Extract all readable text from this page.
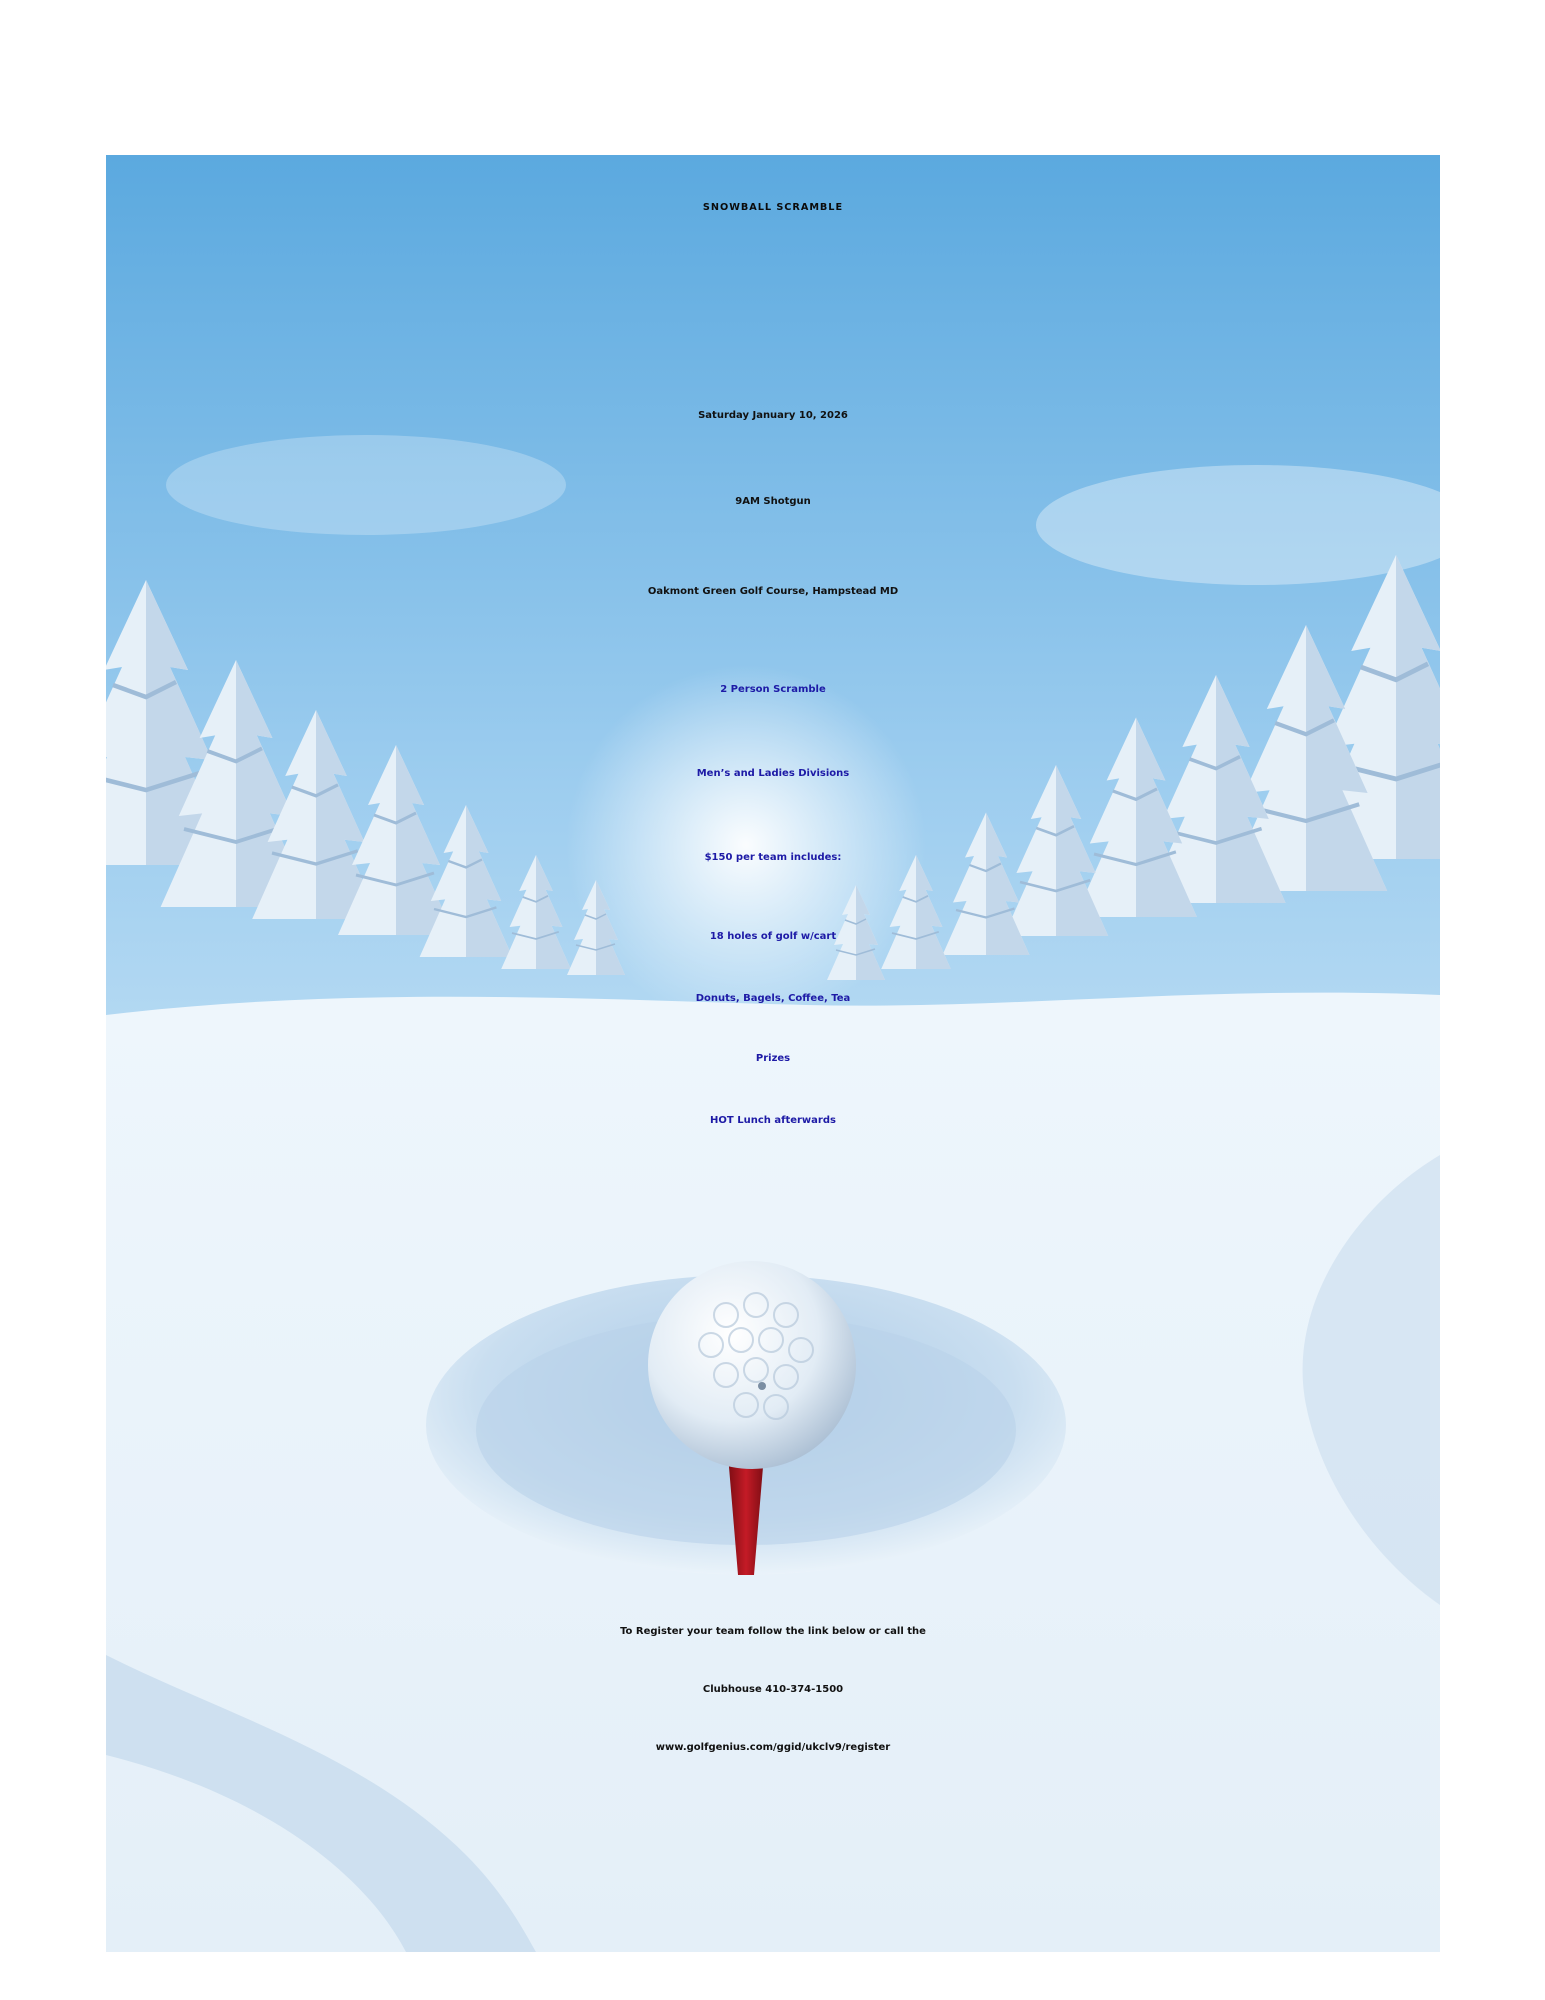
SNOWBALL SCRAMBLE

Saturday January 10, 2026

9AM Shotgun

Oakmont Green Golf Course, Hampstead MD

2 Person Scramble

Men’s and Ladies Divisions

$150 per team includes:

18 holes of golf w/cart

Donuts, Bagels, Coffee, Tea

Prizes

HOT Lunch afterwards

To Register your team follow the link below or call the

Clubhouse 410-374-1500

www.golfgenius.com/ggid/ukclv9/register
